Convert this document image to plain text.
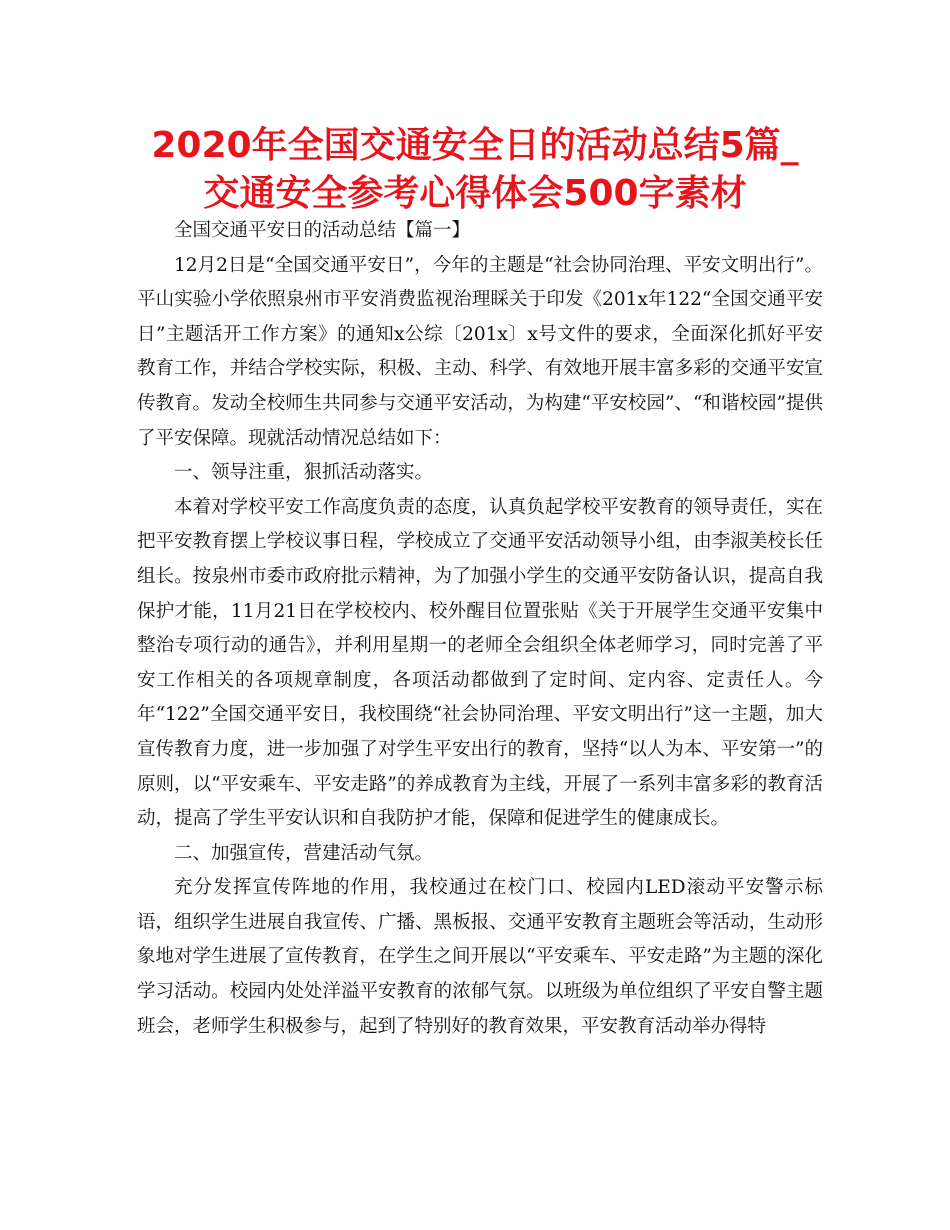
2020年全国交通安全日的活动总结5篇_
交通安全参考心得体会500字素材

全国交通平安日的活动总结【篇一】

12月2日是“全国交通平安日”，今年的主题是“社会协同治理、平安文明出行”。平山实验小学依照泉州市平安消费监视治理睬关于印发《201x年122“全国交通平安日”主题活开工作方案》的通知x公综〔201x〕x号文件的要求，全面深化抓好平安教育工作，并结合学校实际，积极、主动、科学、有效地开展丰富多彩的交通平安宣传教育。发动全校师生共同参与交通平安活动，为构建“平安校园”、“和谐校园”提供了平安保障。现就活动情况总结如下：

一、领导注重，狠抓活动落实。

本着对学校平安工作高度负责的态度，认真负起学校平安教育的领导责任，实在把平安教育摆上学校议事日程，学校成立了交通平安活动领导小组，由李淑美校长任组长。按泉州市委市政府批示精神，为了加强小学生的交通平安防备认识，提高自我保护才能，11月21日在学校校内、校外醒目位置张贴《关于开展学生交通平安集中整治专项行动的通告》，并利用星期一的老师全会组织全体老师学习，同时完善了平安工作相关的各项规章制度，各项活动都做到了定时间、定内容、定责任人。今年“122”全国交通平安日，我校围绕“社会协同治理、平安文明出行”这一主题，加大宣传教育力度，进一步加强了对学生平安出行的教育，坚持“以人为本、平安第一”的原则，以“平安乘车、平安走路”的养成教育为主线，开展了一系列丰富多彩的教育活动，提高了学生平安认识和自我防护才能，保障和促进学生的健康成长。

二、加强宣传，营建活动气氛。

充分发挥宣传阵地的作用，我校通过在校门口、校园内LED滚动平安警示标语，组织学生进展自我宣传、广播、黑板报、交通平安教育主题班会等活动，生动形象地对学生进展了宣传教育，在学生之间开展以“平安乘车、平安走路”为主题的深化学习活动。校园内处处洋溢平安教育的浓郁气氛。以班级为单位组织了平安自警主题班会，老师学生积极参与，起到了特别好的教育效果，平安教育活动举办得特
